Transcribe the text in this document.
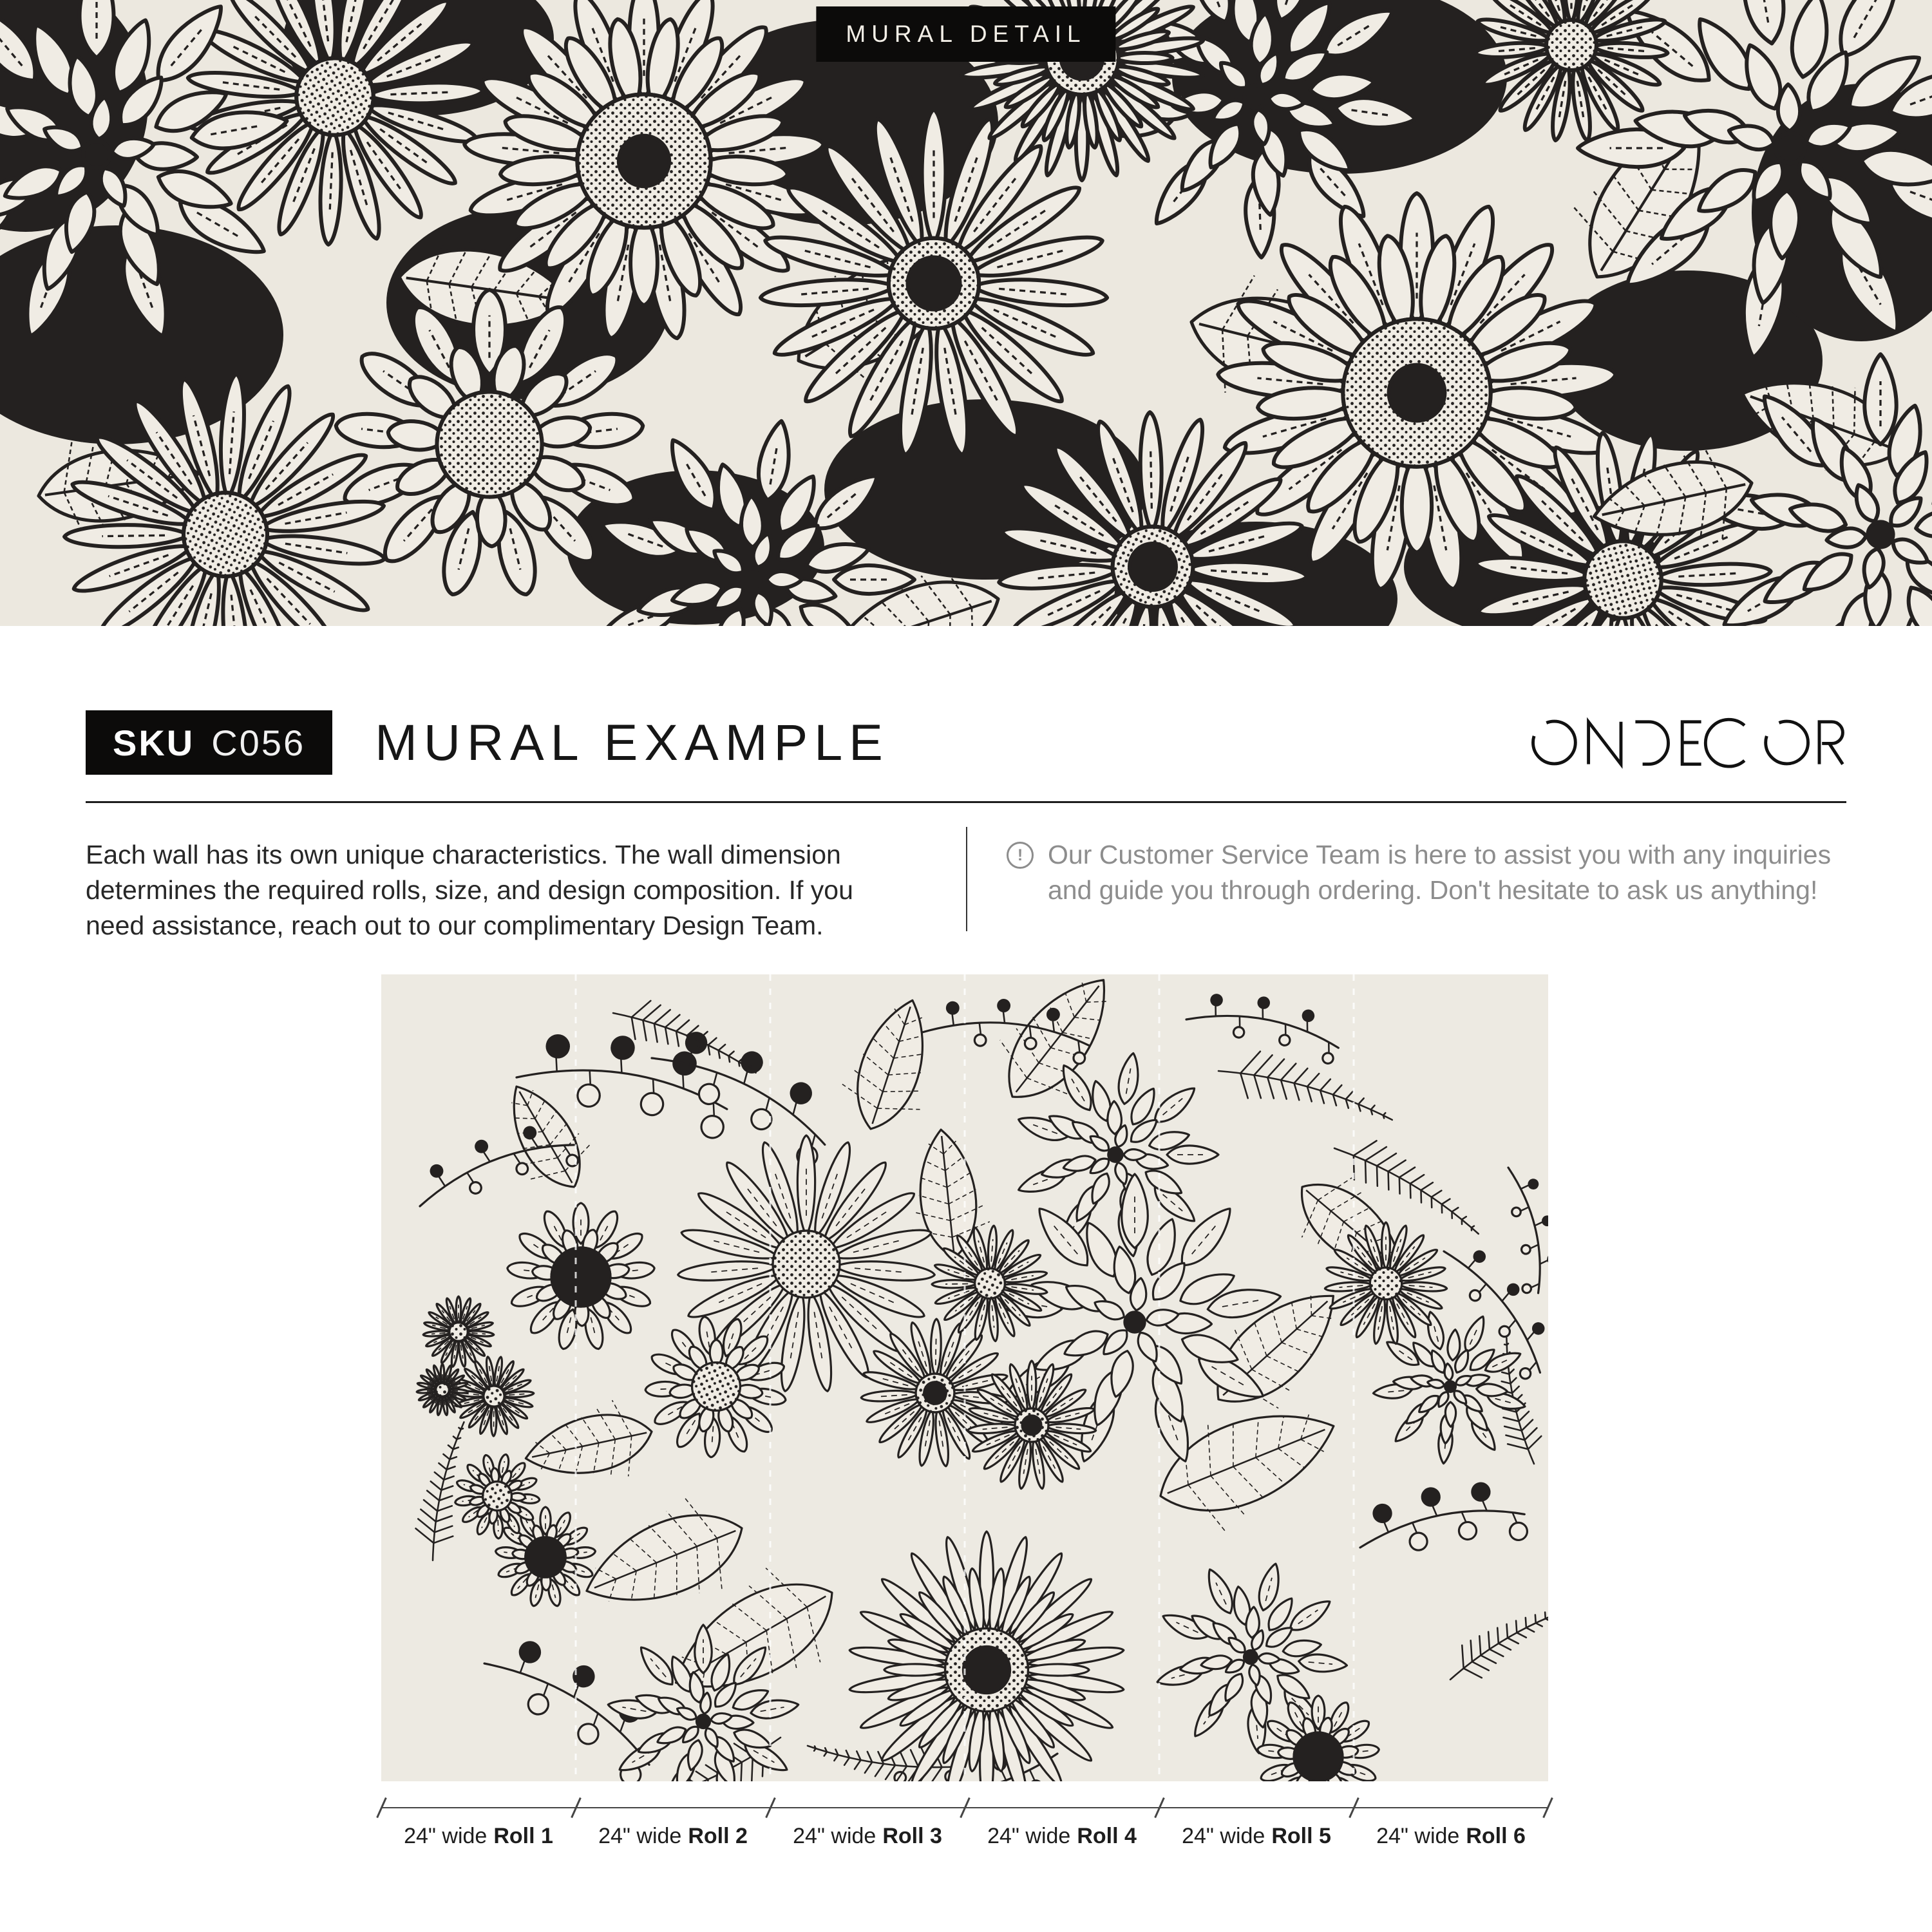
MURAL DETAIL
SKU C056 MURAL EXAMPLE

Each wall has its own unique characteristics. The wall dimension determines the required rolls, size, and design composition. If you need assistance, reach out to our complimentary Design Team.

! Our Customer Service Team is here to assist you with any inquiries and guide you through ordering. Don't hesitate to ask us anything!

24" wide Roll 1	24" wide Roll 2	24" wide Roll 3	24" wide Roll 4	24" wide Roll 5	24" wide Roll 6
